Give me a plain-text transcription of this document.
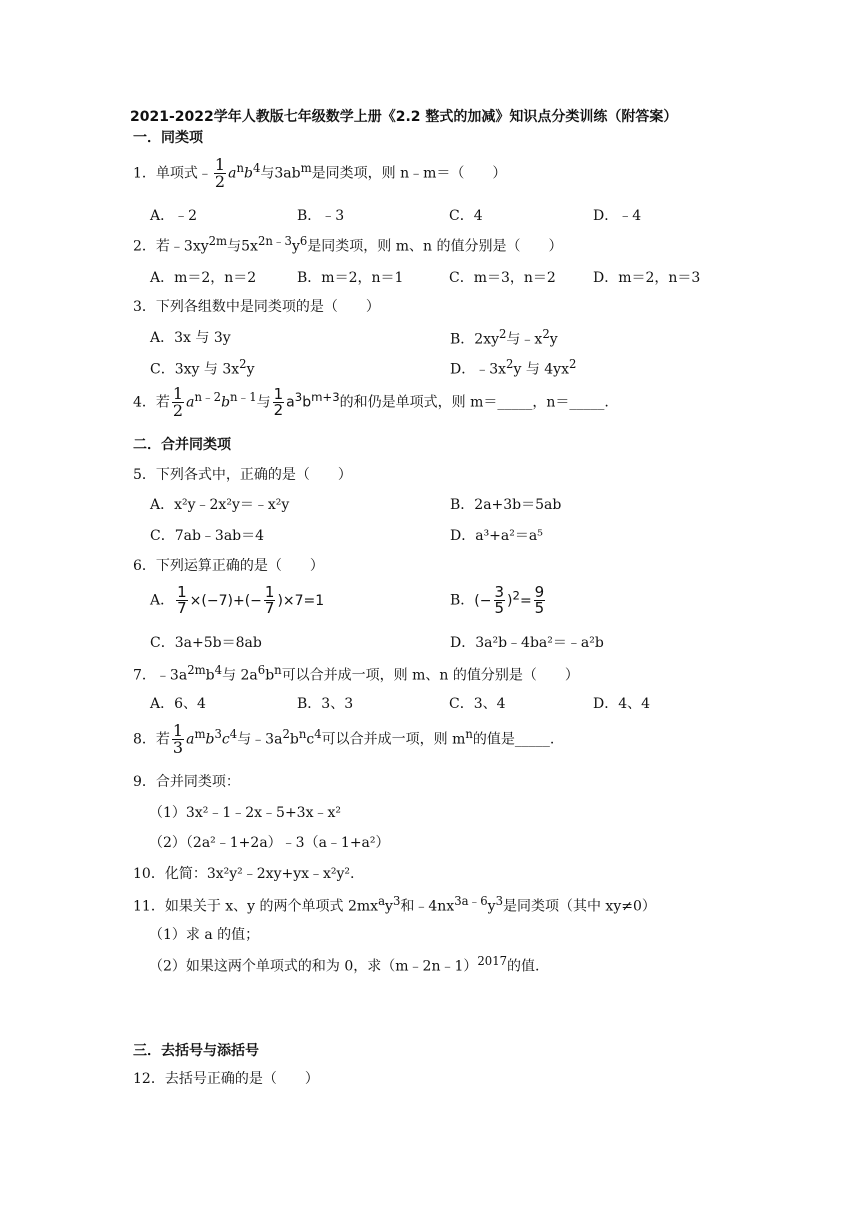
2021-2022学年人教版七年级数学上册《2.2 整式的加减》知识点分类训练（附答案）
一．同类项
1．单项式﹣ $\frac{1}{2} a^nb^4$与$3ab^m$是同类项，则 n﹣m＝（　　）
A．﹣2	B．﹣3	C．4	D．﹣4
2．若$﹣3xy^{2m}$与$5x^{2n﹣3}y^6$是同类项，则 m、n 的值分别是（　　）
A．m＝2，n＝2	B．m＝2，n＝1	C．m＝3，n＝2	D．m＝2，n＝3
3．下列各组数中是同类项的是（　　）
A．3x 与 3y	B．$2xy^2$与$﹣x^2y$
C．3xy 与 $3x^2y$	D．$﹣3x^2y$ 与 $4yx^2$
4．若 $\frac{1}{2} a^{n﹣2}b^{n﹣1}$与 $\frac{1}{2} a^3b^{m+3}$的和仍是单项式，则 m＝_____，n＝_____.
二．合并同类项
5．下列各式中，正确的是（　　）
A．x²y﹣2x²y＝﹣x²y	B．2a+3b＝5ab
C．7ab﹣3ab＝4	D．a³+a²＝a⁵
6．下列运算正确的是（　　）
A． $\frac{1}{7} \times(-7)+(- \frac{1}{7} )\times 7=1$	B．(− $\frac{3}{5} )^2= \frac{9}{5}$
C．3a+5b＝8ab	D．3a²b﹣4ba²＝﹣a²b
7．$﹣3a^{2m}b^4$与 $2a^6b^n$可以合并成一项，则 m、n 的值分别是（　　）
A．6、4	B．3、3	C．3、4	D．4、4
8．若 $\frac{1}{3} a^mb^3c^4$与$﹣3a^2b^nc^4$可以合并成一项，则 $m^n$的值是_____.
9．合并同类项：
（1）3x²﹣1﹣2x﹣5+3x﹣x²
（2）（2a²﹣1+2a）﹣3（a﹣1+a²）
10．化简：3x²y²﹣2xy+yx﹣x²y².
11．如果关于 x、y 的两个单项式 $2mx^ay^3$和$﹣4nx^{3a﹣6}y^3$是同类项（其中 xy≠0）
（1）求 a 的值；
（2）如果这两个单项式的和为 0，求（m﹣2n﹣1）$^{2017}$的值.
三．去括号与添括号
12．去括号正确的是（　　）
